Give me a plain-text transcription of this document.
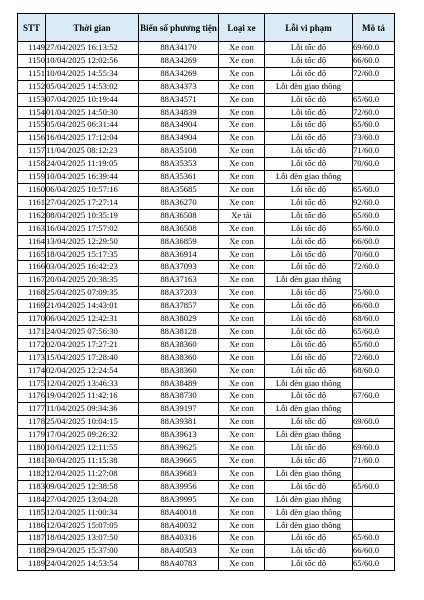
STT	Thời gian	Biển số phương tiện	Loại xe	Lỗi vi phạm	Mô tả
1149	27/04/2025 16:13:52	88A34170	Xe con	Lỗi tốc độ	69/60.0
1150	10/04/2025 12:02:56	88A34269	Xe con	Lỗi tốc độ	66/60.0
1151	10/04/2025 14:55:34	88A34269	Xe con	Lỗi tốc độ	72/60.0
1152	05/04/2025 14:53:02	88A34373	Xe con	Lỗi đèn giao thông	
1153	07/04/2025 10:19:44	88A34571	Xe con	Lỗi tốc độ	65/60.0
1154	01/04/2025 14:50:30	88A34839	Xe con	Lỗi tốc độ	72/60.0
1155	05/04/2025 06:31:44	88A34904	Xe con	Lỗi tốc độ	65/60.0
1156	16/04/2025 17:12:04	88A34904	Xe con	Lỗi tốc độ	73/60.0
1157	11/04/2025 08:12:23	88A35108	Xe con	Lỗi tốc độ	71/60.0
1158	24/04/2025 11:19:05	88A35353	Xe con	Lỗi tốc độ	70/60.0
1159	10/04/2025 16:39:44	88A35361	Xe con	Lỗi đèn giao thông	
1160	06/04/2025 10:57:16	88A35685	Xe con	Lỗi tốc độ	65/60.0
1161	27/04/2025 17:27:14	88A36270	Xe con	Lỗi tốc độ	92/60.0
1162	08/04/2025 10:35:19	88A36508	Xe tải	Lỗi tốc độ	65/60.0
1163	16/04/2025 17:57:02	88A36508	Xe con	Lỗi tốc độ	65/60.0
1164	13/04/2025 12:29:50	88A36859	Xe con	Lỗi tốc độ	66/60.0
1165	18/04/2025 15:17:35	88A36914	Xe con	Lỗi tốc độ	70/60.0
1166	03/04/2025 16:42:23	88A37093	Xe con	Lỗi tốc độ	72/60.0
1167	20/04/2025 20:38:35	88A37163	Xe con	Lỗi đèn giao thông	
1168	25/04/2025 07:09:35	88A37203	Xe con	Lỗi tốc độ	75/60.0
1169	21/04/2025 14:43:01	88A37857	Xe con	Lỗi tốc độ	66/60.0
1170	06/04/2025 12:42:31	88A38029	Xe con	Lỗi tốc độ	68/60.0
1171	24/04/2025 07:56:30	88A38128	Xe con	Lỗi tốc độ	65/60.0
1172	02/04/2025 17:27:21	88A38360	Xe con	Lỗi tốc độ	65/60.0
1173	15/04/2025 17:28:40	88A38360	Xe con	Lỗi tốc độ	72/60.0
1174	02/04/2025 12:24:54	88A38360	Xe con	Lỗi tốc độ	68/60.0
1175	12/04/2025 13:46:33	88A38489	Xe con	Lỗi đèn giao thông	
1176	19/04/2025 11:42:16	88A38730	Xe con	Lỗi tốc độ	67/60.0
1177	11/04/2025 09:34:36	88A39197	Xe con	Lỗi đèn giao thông	
1178	25/04/2025 10:04:15	88A39381	Xe con	Lỗi tốc độ	69/60.0
1179	17/04/2025 09:26:32	88A39613	Xe con	Lỗi đèn giao thông	
1180	10/04/2025 12:11:55	88A39625	Xe con	Lỗi tốc độ	69/60.0
1181	30/04/2025 11:15:38	88A39665	Xe con	Lỗi tốc độ	71/60.0
1182	12/04/2025 11:27:08	88A39683	Xe con	Lỗi đèn giao thông	
1183	09/04/2025 12:38:58	88A39956	Xe con	Lỗi tốc độ	65/60.0
1184	27/04/2025 13:04:28	88A39995	Xe con	Lỗi đèn giao thông	
1185	12/04/2025 11:00:34	88A40018	Xe con	Lỗi đèn giao thông	
1186	12/04/2025 15:07:05	88A40032	Xe con	Lỗi đèn giao thông	
1187	18/04/2025 13:07:50	88A40316	Xe con	Lỗi tốc độ	65/60.0
1188	29/04/2025 15:37:00	88A40583	Xe con	Lỗi tốc độ	66/60.0
1189	24/04/2025 14:53:54	88A40783	Xe con	Lỗi tốc độ	65/60.0
